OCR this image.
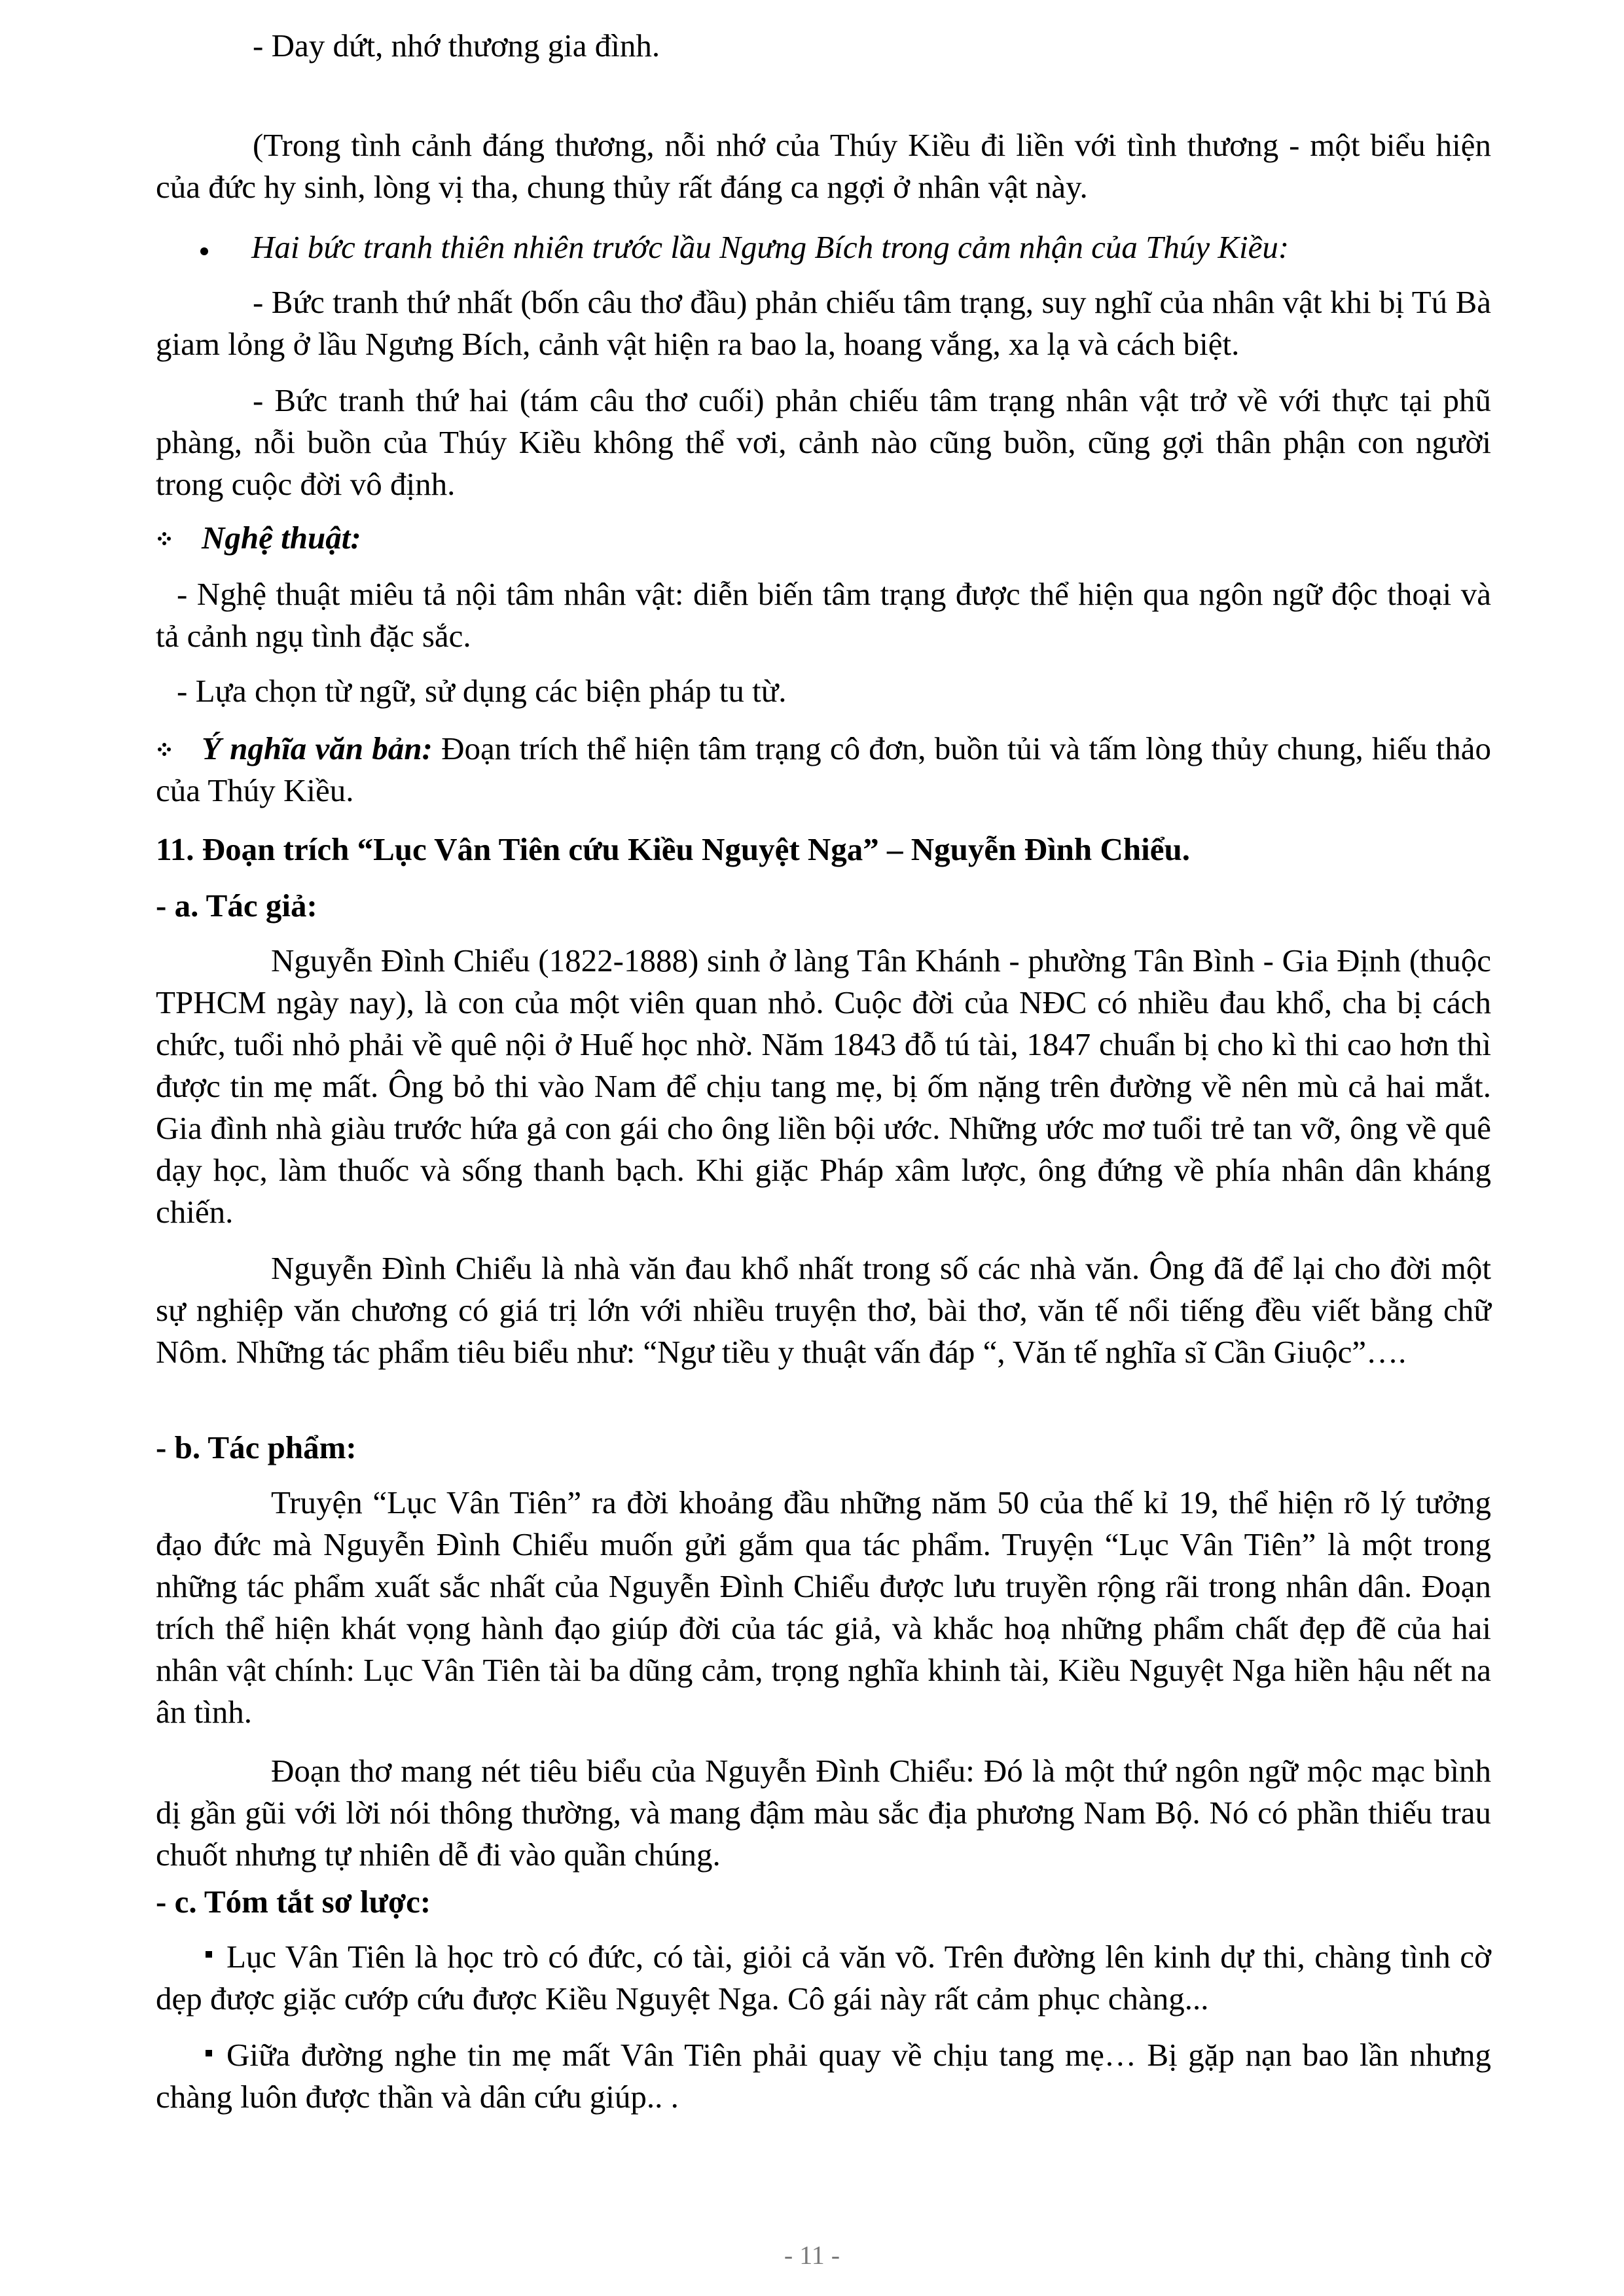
- Day dứt, nhớ thương gia đình.

(Trong tình cảnh đáng thương, nỗi nhớ của Thúy Kiều đi liền với tình thương - một biểu hiện của đức hy sinh, lòng vị tha, chung thủy rất đáng ca ngợi ở nhân vật này.

Hai bức tranh thiên nhiên trước lầu Ngưng Bích trong cảm nhận của Thúy Kiều:

- Bức tranh thứ nhất (bốn câu thơ đầu) phản chiếu tâm trạng, suy nghĩ của nhân vật khi bị Tú Bà giam lỏng ở lầu Ngưng Bích, cảnh vật hiện ra bao la, hoang vắng, xa lạ và cách biệt.

- Bức tranh thứ hai (tám câu thơ cuối) phản chiếu tâm trạng nhân vật trở về với thực tại phũ phàng, nỗi buồn của Thúy Kiều không thể vơi, cảnh nào cũng buồn, cũng gợi thân phận con người trong cuộc đời vô định.

Nghệ thuật:

- Nghệ thuật miêu tả nội tâm nhân vật: diễn biến tâm trạng được thể hiện qua ngôn ngữ độc thoại và tả cảnh ngụ tình đặc sắc.

- Lựa chọn từ ngữ, sử dụng các biện pháp tu từ.

Ý nghĩa văn bản: Đoạn trích thể hiện tâm trạng cô đơn, buồn tủi và tấm lòng thủy chung, hiếu thảo của Thúy Kiều.

11. Đoạn trích “Lục Vân Tiên cứu Kiều Nguyệt Nga” – Nguyễn Đình Chiểu.

- a. Tác giả:

Nguyễn Đình Chiểu (1822-1888) sinh ở làng Tân Khánh - phường Tân Bình - Gia Định (thuộc TPHCM ngày nay), là con của một viên quan nhỏ. Cuộc đời của NĐC có nhiều đau khổ, cha bị cách chức, tuổi nhỏ phải về quê nội ở Huế học nhờ. Năm 1843 đỗ tú tài, 1847 chuẩn bị cho kì thi cao hơn thì được tin mẹ mất. Ông bỏ thi vào Nam để chịu tang mẹ, bị ốm nặng trên đường về nên mù cả hai mắt. Gia đình nhà giàu trước hứa gả con gái cho ông liền bội ước. Những ước mơ tuổi trẻ tan vỡ, ông về quê dạy học, làm thuốc và sống thanh bạch. Khi giặc Pháp xâm lược, ông đứng về phía nhân dân kháng chiến.

Nguyễn Đình Chiểu là nhà văn đau khổ nhất trong số các nhà văn. Ông đã để lại cho đời một sự nghiệp văn chương có giá trị lớn với nhiều truyện thơ, bài thơ, văn tế nổi tiếng đều viết bằng chữ Nôm. Những tác phẩm tiêu biểu như: “Ngư tiều y thuật vấn đáp “, Văn tế nghĩa sĩ Cần Giuộc”….

- b. Tác phẩm:

Truyện “Lục Vân Tiên” ra đời khoảng đầu những năm 50 của thế kỉ 19, thể hiện rõ lý tưởng đạo đức mà Nguyễn Đình Chiểu muốn gửi gắm qua tác phẩm. Truyện “Lục Vân Tiên” là một trong những tác phẩm xuất sắc nhất của Nguyễn Đình Chiểu được lưu truyền rộng rãi trong nhân dân. Đoạn trích thể hiện khát vọng hành đạo giúp đời của tác giả, và khắc hoạ những phẩm chất đẹp đẽ của hai nhân vật chính: Lục Vân Tiên tài ba dũng cảm, trọng nghĩa khinh tài, Kiều Nguyệt Nga hiền hậu nết na ân tình.

Đoạn thơ mang nét tiêu biểu của Nguyễn Đình Chiểu: Đó là một thứ ngôn ngữ mộc mạc bình dị gần gũi với lời nói thông thường, và mang đậm màu sắc địa phương Nam Bộ. Nó có phần thiếu trau chuốt nhưng tự nhiên dễ đi vào quần chúng.

- c. Tóm tắt sơ lược:

Lục Vân Tiên là học trò có đức, có tài, giỏi cả văn võ. Trên đường lên kinh dự thi, chàng tình cờ dẹp được giặc cướp cứu được Kiều Nguyệt Nga. Cô gái này rất cảm phục chàng...

Giữa đường nghe tin mẹ mất Vân Tiên phải quay về chịu tang mẹ… Bị gặp nạn bao lần nhưng chàng luôn được thần và dân cứu giúp.. .

- 11 -
